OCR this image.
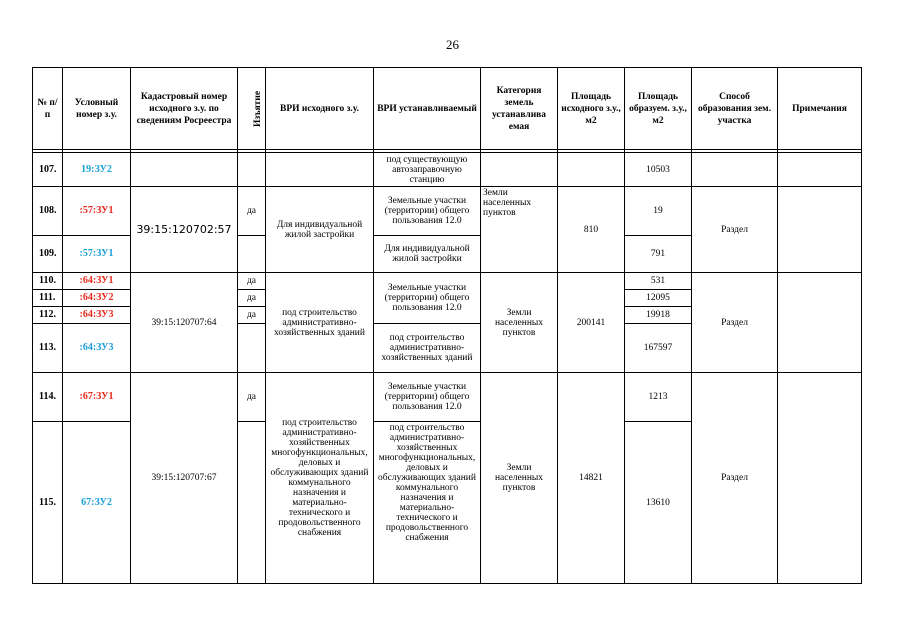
26
№ п/п	Условный номер з.у.	Кадастровый номер исходного з.у. по сведениям Росреестра	Изъятие	ВРИ исходного з.у.	ВРИ устанавливаемый	Категория земель устанавлива емая	Площадь исходного з.у., м2	Площадь образуем. з.у., м2	Способ образования зем. участка	Примечания

107.	19:ЗУ2				под существующую автозаправочную станцию			10503		
108.	:57:ЗУ1	39:15:120702:57	да	Для индивидуальной жилой застройки	Земельные участки (территории) общего пользования 12.0	Земли населенных пунктов	810	19	Раздел	
109.	:57:ЗУ1				Для индивидуальной жилой застройки			791		
110.	:64:ЗУ1	39:15:120707:64	да	под строительство административно-хозяйственных зданий	Земельные участки (территории) общего пользования 12.0	Земли населенных пунктов	200141	531	Раздел	
111.	:64:ЗУ2		да					12095		
112.	:64:ЗУ3		да					19918		
113.	:64:ЗУ3				под строительство административно-хозяйственных зданий			167597		
114.	:67:ЗУ1	39:15:120707:67	да	под строительство административно-хозяйственных многофункциональных, деловых и обслуживающих зданий коммунального назначения и материально-технического и продовольственного снабжения	Земельные участки (территории) общего пользования 12.0	Земли населенных пунктов	14821	1213	Раздел	
115.	67:ЗУ2				под строительство административно-хозяйственных многофункциональных, деловых и обслуживающих зданий коммунального назначения и материально-технического и продовольственного снабжения			13610		
